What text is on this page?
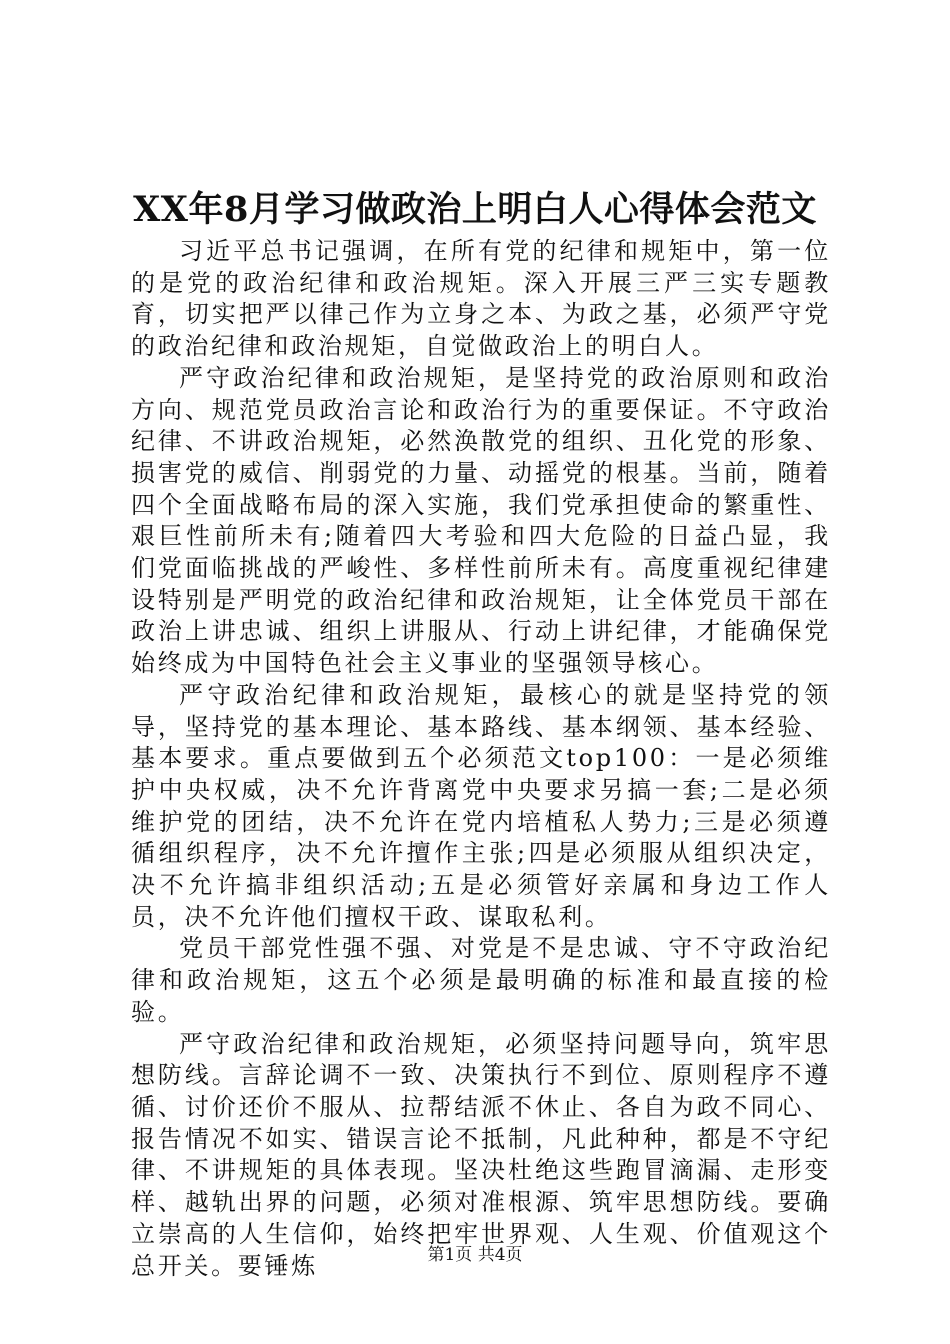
XX年8月学习做政治上明白人心得体会范文

习近平总书记强调，在所有党的纪律和规矩中，第一位的是党的政治纪律和政治规矩。深入开展三严三实专题教育，切实把严以律己作为立身之本、为政之基，必须严守党的政治纪律和政治规矩，自觉做政治上的明白人。

严守政治纪律和政治规矩，是坚持党的政治原则和政治方向、规范党员政治言论和政治行为的重要保证。不守政治纪律、不讲政治规矩，必然涣散党的组织、丑化党的形象、损害党的威信、削弱党的力量、动摇党的根基。当前，随着四个全面战略布局的深入实施，我们党承担使命的繁重性、艰巨性前所未有;随着四大考验和四大危险的日益凸显，我们党面临挑战的严峻性、多样性前所未有。高度重视纪律建设特别是严明党的政治纪律和政治规矩，让全体党员干部在政治上讲忠诚、组织上讲服从、行动上讲纪律，才能确保党始终成为中国特色社会主义事业的坚强领导核心。

严守政治纪律和政治规矩，最核心的就是坚持党的领导，坚持党的基本理论、基本路线、基本纲领、基本经验、基本要求。重点要做到五个必须范文top100：一是必须维护中央权威，决不允许背离党中央要求另搞一套;二是必须维护党的团结，决不允许在党内培植私人势力;三是必须遵循组织程序，决不允许擅作主张;四是必须服从组织决定，决不允许搞非组织活动;五是必须管好亲属和身边工作人员，决不允许他们擅权干政、谋取私利。

党员干部党性强不强、对党是不是忠诚、守不守政治纪律和政治规矩，这五个必须是最明确的标准和最直接的检验。

严守政治纪律和政治规矩，必须坚持问题导向，筑牢思想防线。言辞论调不一致、决策执行不到位、原则程序不遵循、讨价还价不服从、拉帮结派不休止、各自为政不同心、报告情况不如实、错误言论不抵制，凡此种种，都是不守纪律、不讲规矩的具体表现。坚决杜绝这些跑冒滴漏、走形变样、越轨出界的问题，必须对准根源、筑牢思想防线。要确立崇高的人生信仰，始终把牢世界观、人生观、价值观这个总开关。要锤炼	第1页 共4页
